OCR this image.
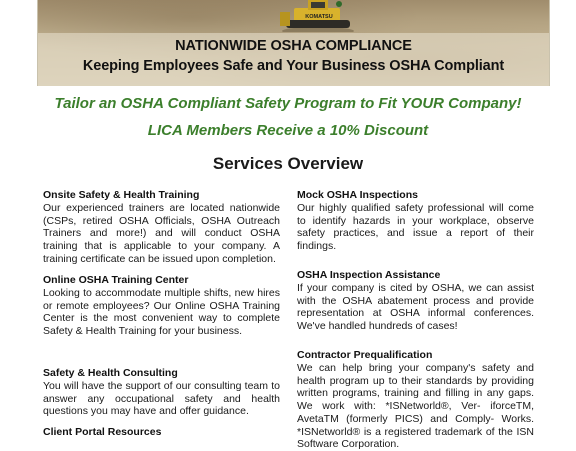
KOMATSU
NATIONWIDE OSHA COMPLIANCE
Keeping Employees Safe and Your Business OSHA Compliant
Tailor an OSHA Compliant Safety Program to Fit YOUR Company!
LICA Members Receive a 10% Discount
Services Overview
Onsite Safety & Health Training

Our experienced trainers are located nationwide (CSPs, retired OSHA Officials, OSHA Outreach Trainers and more!) and will conduct OSHA training that is applicable to your company. A training certificate can be issued upon completion.

Online OSHA Training Center

Looking to accommodate multiple shifts, new hires or remote employees? Our Online OSHA Training Center is the most convenient way to complete Safety & Health Training for your business.

Safety & Health Consulting

You will have the support of our consulting team to answer any occupational safety and health questions you may have and offer guidance.

Client Portal Resources

Mock OSHA Inspections

Our highly qualified safety professional will come to identify hazards in your workplace, observe safety practices, and issue a report of their findings.

OSHA Inspection Assistance

If your company is cited by OSHA, we can assist with the OSHA abatement process and provide representation at OSHA informal conferences. We've handled hundreds of cases!

Contractor Prequalification

We can help bring your company's safety and health program up to their standards by providing written programs, training and filling in any gaps. We work with: *ISNetworld®, Ver- iforceTM, AvetaTM (formerly PICS) and Comply- Works. *ISNetworld® is a registered trademark of the ISN Software Corporation.
